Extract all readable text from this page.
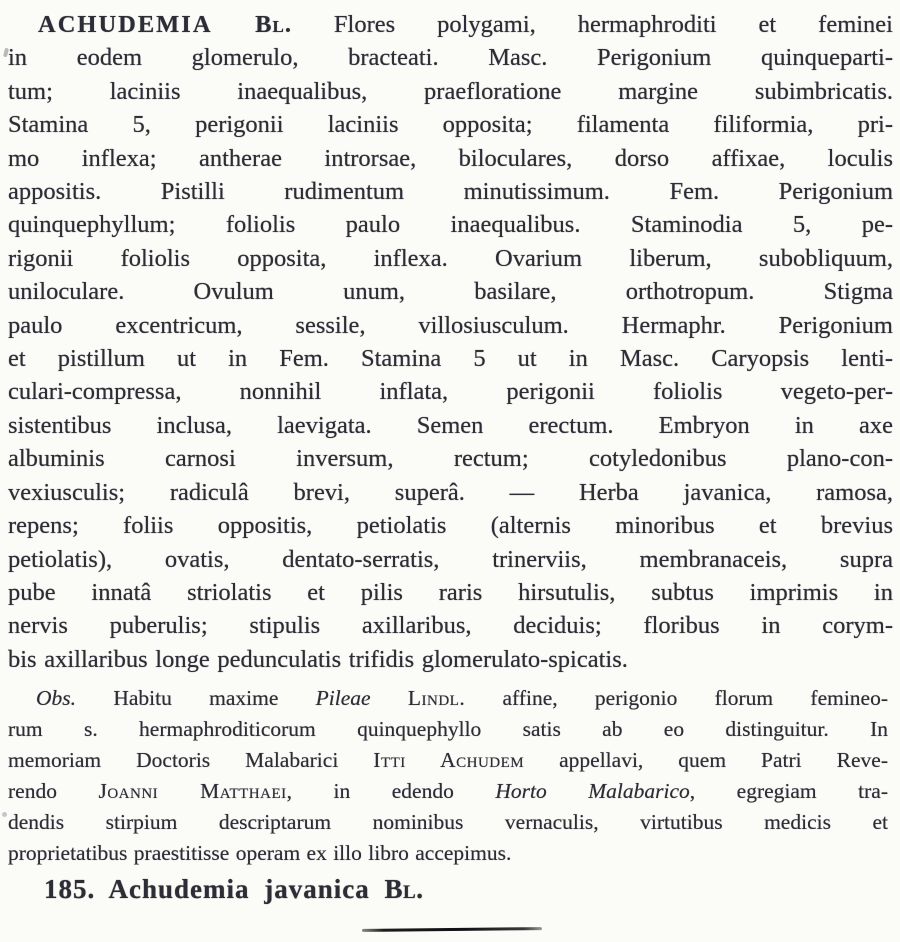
ACHUDEMIA Bl. Flores polygami, hermaphroditi et feminei
in eodem glomerulo, bracteati. Masc. Perigonium quinqueparti-
tum; laciniis inaequalibus, praefloratione margine subimbricatis.
Stamina 5, perigonii laciniis opposita; filamenta filiformia, pri-
mo inflexa; antherae introrsae, biloculares, dorso affixae, loculis
appositis. Pistilli rudimentum minutissimum. Fem. Perigonium
quinquephyllum; foliolis paulo inaequalibus. Staminodia 5, pe-
rigonii foliolis opposita, inflexa. Ovarium liberum, subobliquum,
uniloculare. Ovulum unum, basilare, orthotropum. Stigma
paulo excentricum, sessile, villosiusculum. Hermaphr. Perigonium
et pistillum ut in Fem. Stamina 5 ut in Masc. Caryopsis lenti-
culari-compressa, nonnihil inflata, perigonii foliolis vegeto-per-
sistentibus inclusa, laevigata. Semen erectum. Embryon in axe
albuminis carnosi inversum, rectum; cotyledonibus plano-con-
vexiusculis; radiculâ brevi, superâ. — Herba javanica, ramosa,
repens; foliis oppositis, petiolatis (alternis minoribus et brevius
petiolatis), ovatis, dentato-serratis, trinerviis, membranaceis, supra
pube innatâ striolatis et pilis raris hirsutulis, subtus imprimis in
nervis puberulis; stipulis axillaribus, deciduis; floribus in corym-
bis axillaribus longe pedunculatis trifidis glomerulato-spicatis.
Obs. Habitu maxime Pileae Lindl. affine, perigonio florum femineo-
rum s. hermaphroditicorum quinquephyllo satis ab eo distinguitur. In
memoriam Doctoris Malabarici Itti Achudem appellavi, quem Patri Reve-
rendo Joanni Matthaei, in edendo Horto Malabarico, egregiam tra-
dendis stirpium descriptarum nominibus vernaculis, virtutibus medicis et
proprietatibus praestitisse operam ex illo libro accepimus.
185. Achudemia javanica Bl.
